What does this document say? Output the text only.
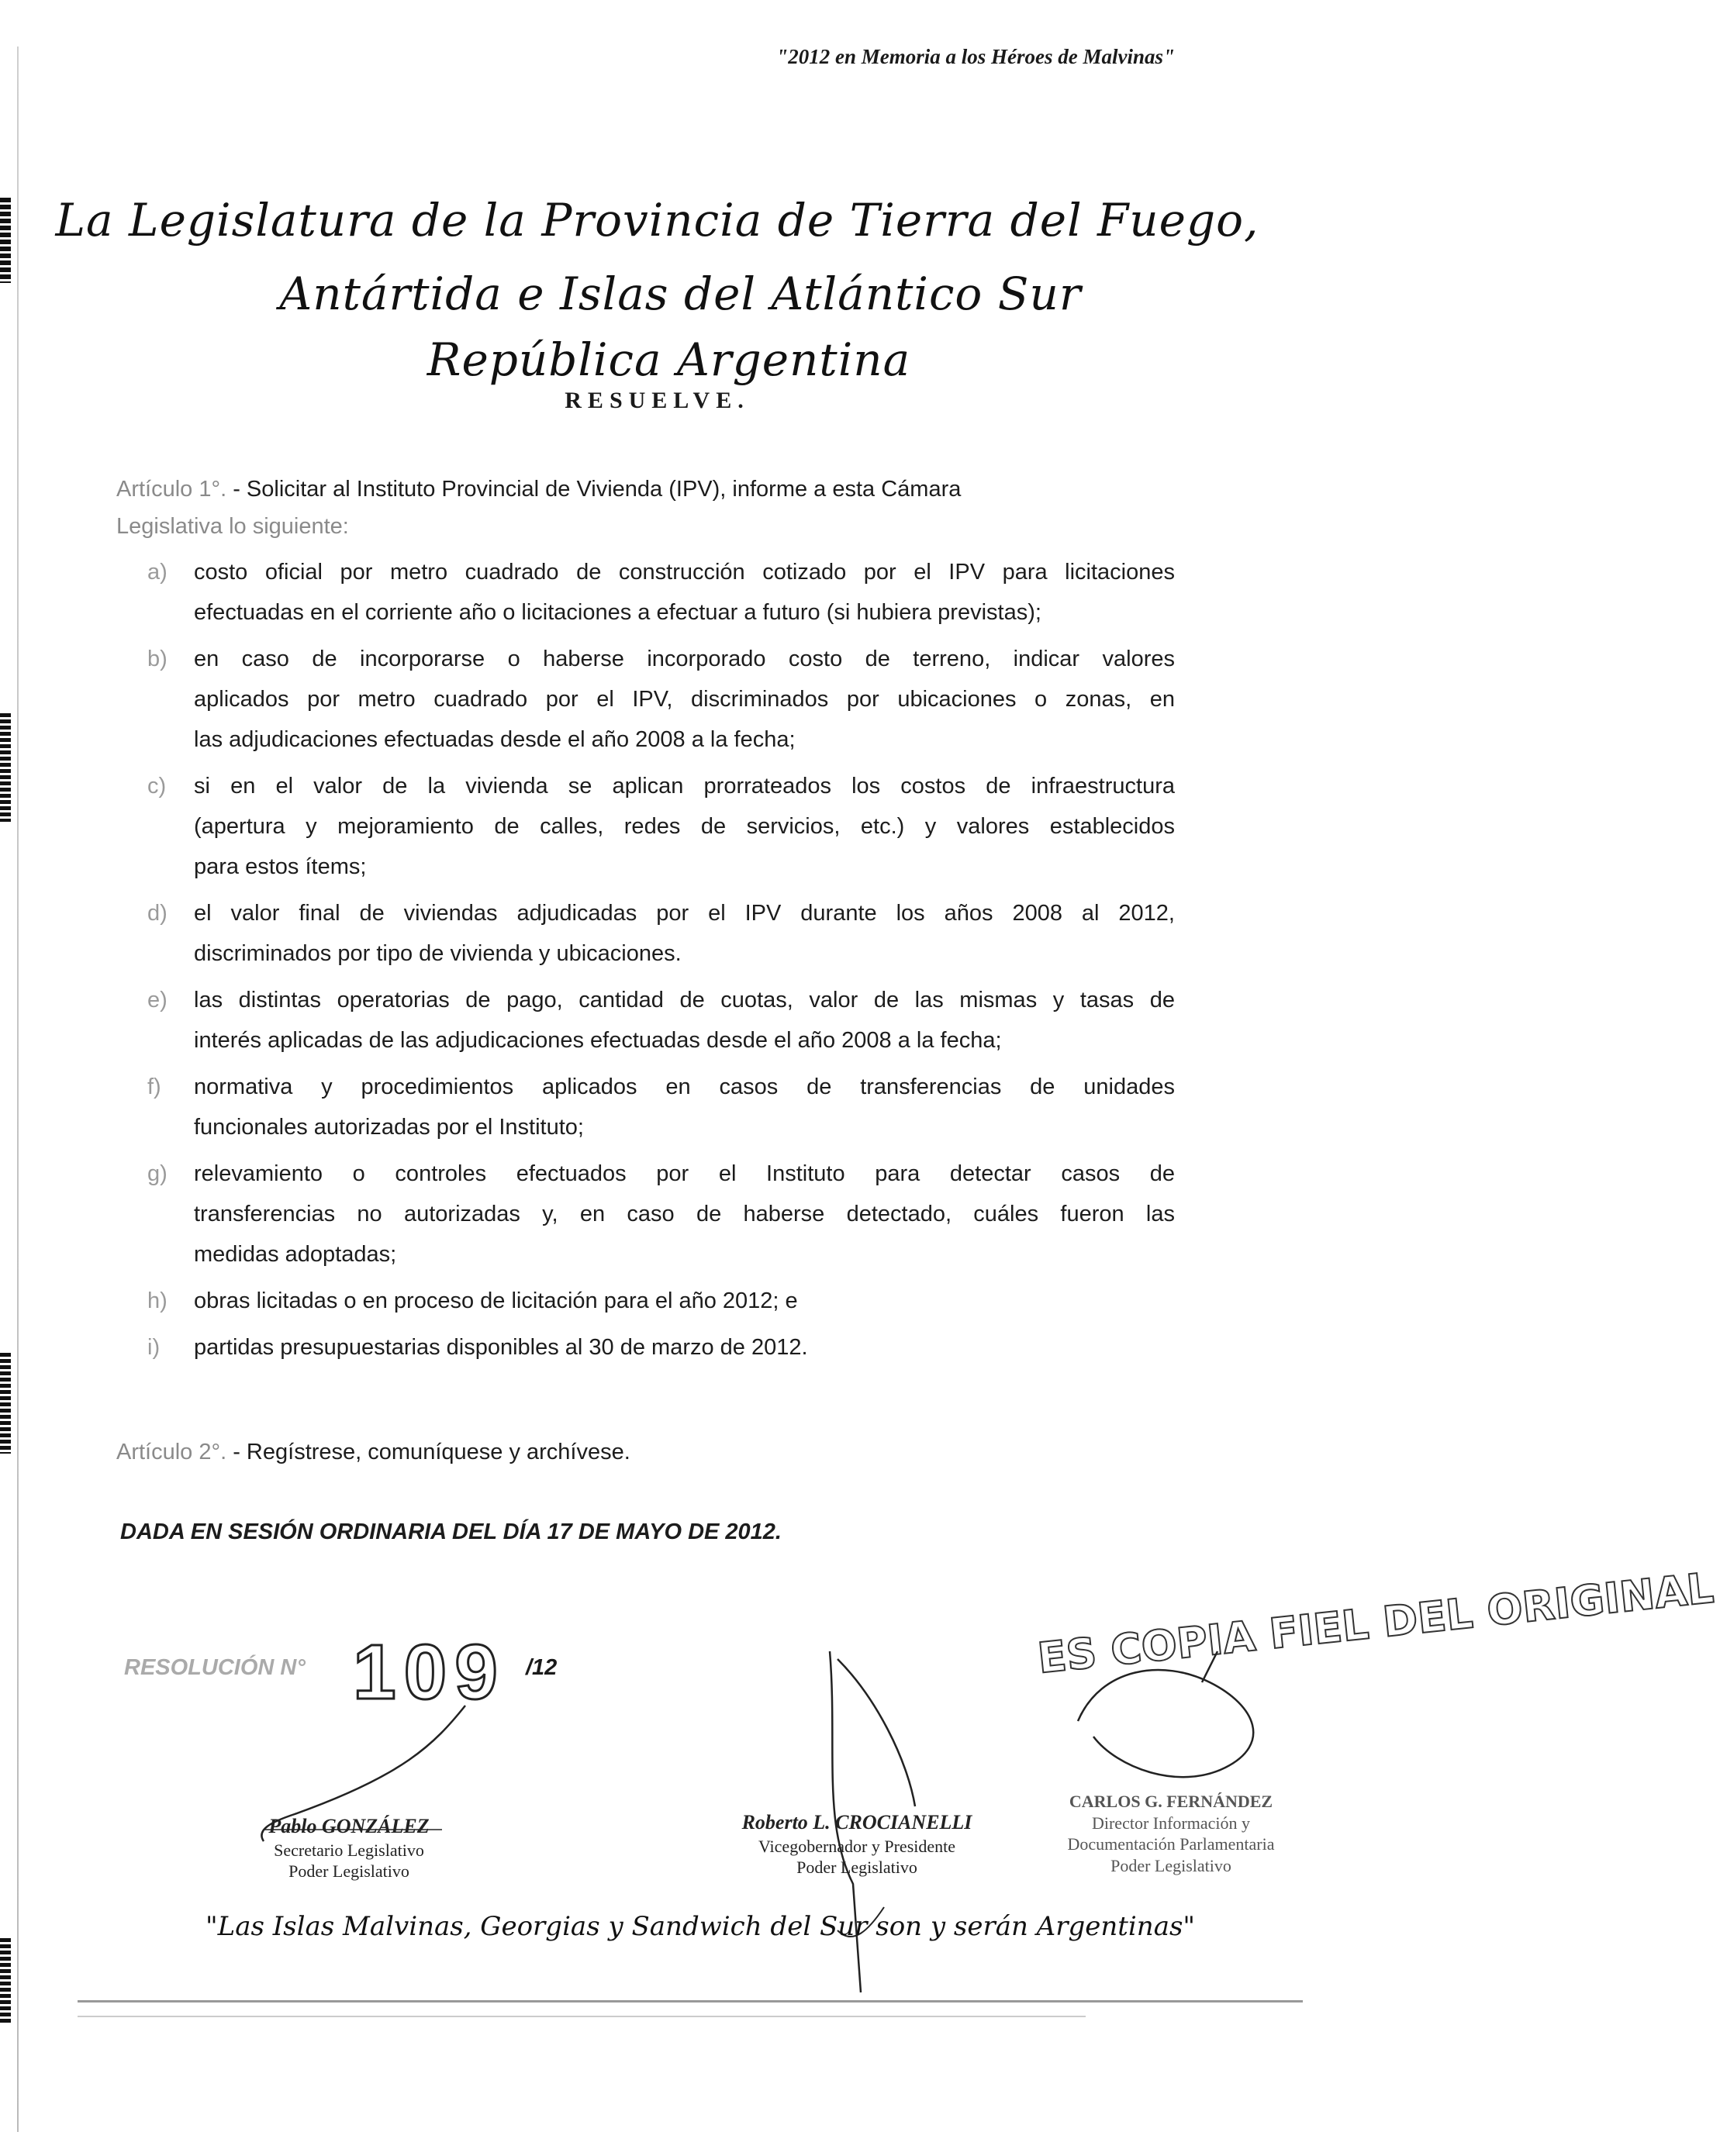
"2012 en Memoria a los Héroes de Malvinas"
La Legislatura de la Provincia de Tierra del Fuego,
Antártida e Islas del Atlántico Sur
República Argentina
RESUELVE.
Artículo 1°. - Solicitar al Instituto Provincial de Vivienda (IPV), informe a esta Cámara
Legislativa lo siguiente:
a) costo oficial por metro cuadrado de construcción cotizado por el IPV para licitaciones
efectuadas en el corriente año o licitaciones a efectuar a futuro (si hubiera previstas);
b) en caso de incorporarse o haberse incorporado costo de terreno, indicar valores
aplicados por metro cuadrado por el IPV, discriminados por ubicaciones o zonas, en
las adjudicaciones efectuadas desde el año 2008 a la fecha;
c) si en el valor de la vivienda se aplican prorrateados los costos de infraestructura
(apertura y mejoramiento de calles, redes de servicios, etc.) y valores establecidos
para estos ítems;
d) el valor final de viviendas adjudicadas por el IPV durante los años 2008 al 2012,
discriminados por tipo de vivienda y ubicaciones.
e) las distintas operatorias de pago, cantidad de cuotas, valor de las mismas y tasas de
interés aplicadas de las adjudicaciones efectuadas desde el año 2008 a la fecha;
f) normativa y procedimientos aplicados en casos de transferencias de unidades
funcionales autorizadas por el Instituto;
g) relevamiento o controles efectuados por el Instituto para detectar casos de
transferencias no autorizadas y, en caso de haberse detectado, cuáles fueron las
medidas adoptadas;
h) obras licitadas o en proceso de licitación para el año 2012; e
i) partidas presupuestarias disponibles al 30 de marzo de 2012.
Artículo 2°. - Regístrese, comuníquese y archívese.
DADA EN SESIÓN ORDINARIA DEL DÍA 17 DE MAYO DE 2012.
RESOLUCIÓN N° 109 /12	ES COPIA FIEL DEL ORIGINAL
Pablo GONZÁLEZ
Secretario Legislativo
Poder Legislativo
Roberto L. CROCIANELLI
Vicegobernador y Presidente
Poder Legislativo
CARLOS G. FERNÁNDEZ
Director Información y
Documentación Parlamentaria
Poder Legislativo
"Las Islas Malvinas, Georgias y Sandwich del Sur son y serán Argentinas"
